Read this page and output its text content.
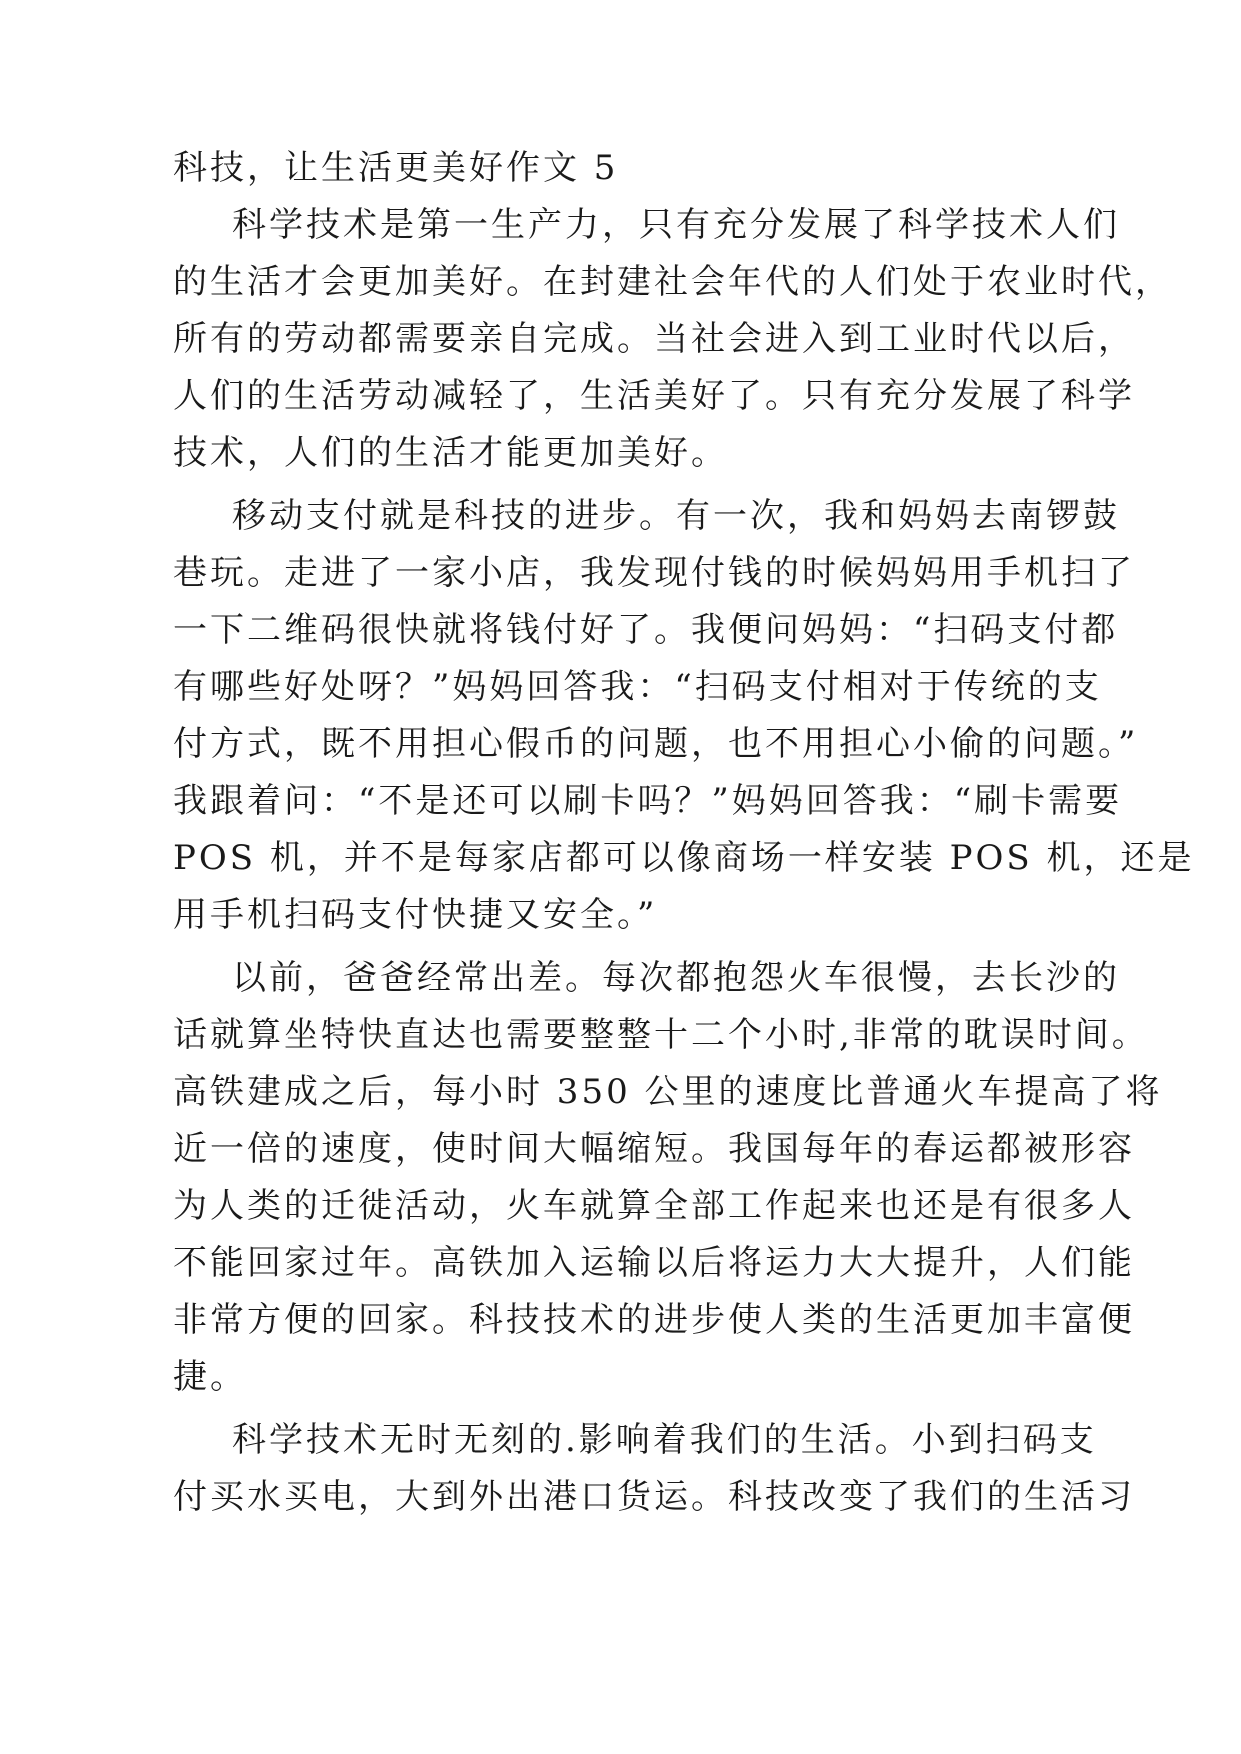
科技，让生活更美好作文 5
科学技术是第一生产力，只有充分发展了科学技术人们
的生活才会更加美好。在封建社会年代的人们处于农业时代，
所有的劳动都需要亲自完成。当社会进入到工业时代以后，
人们的生活劳动减轻了，生活美好了。只有充分发展了科学
技术，人们的生活才能更加美好。
移动支付就是科技的进步。有一次，我和妈妈去南锣鼓
巷玩。走进了一家小店，我发现付钱的时候妈妈用手机扫了
一下二维码很快就将钱付好了。我便问妈妈：“扫码支付都
有哪些好处呀？”妈妈回答我：“扫码支付相对于传统的支
付方式，既不用担心假币的问题，也不用担心小偷的问题。”
我跟着问：“不是还可以刷卡吗？”妈妈回答我：“刷卡需要
POS 机，并不是每家店都可以像商场一样安装 POS 机，还是
用手机扫码支付快捷又安全。”
以前，爸爸经常出差。每次都抱怨火车很慢，去长沙的
话就算坐特快直达也需要整整十二个小时,非常的耽误时间。
高铁建成之后，每小时 350 公里的速度比普通火车提高了将
近一倍的速度，使时间大幅缩短。我国每年的春运都被形容
为人类的迁徙活动，火车就算全部工作起来也还是有很多人
不能回家过年。高铁加入运输以后将运力大大提升，人们能
非常方便的回家。科技技术的进步使人类的生活更加丰富便
捷。
科学技术无时无刻的.影响着我们的生活。小到扫码支
付买水买电，大到外出港口货运。科技改变了我们的生活习
